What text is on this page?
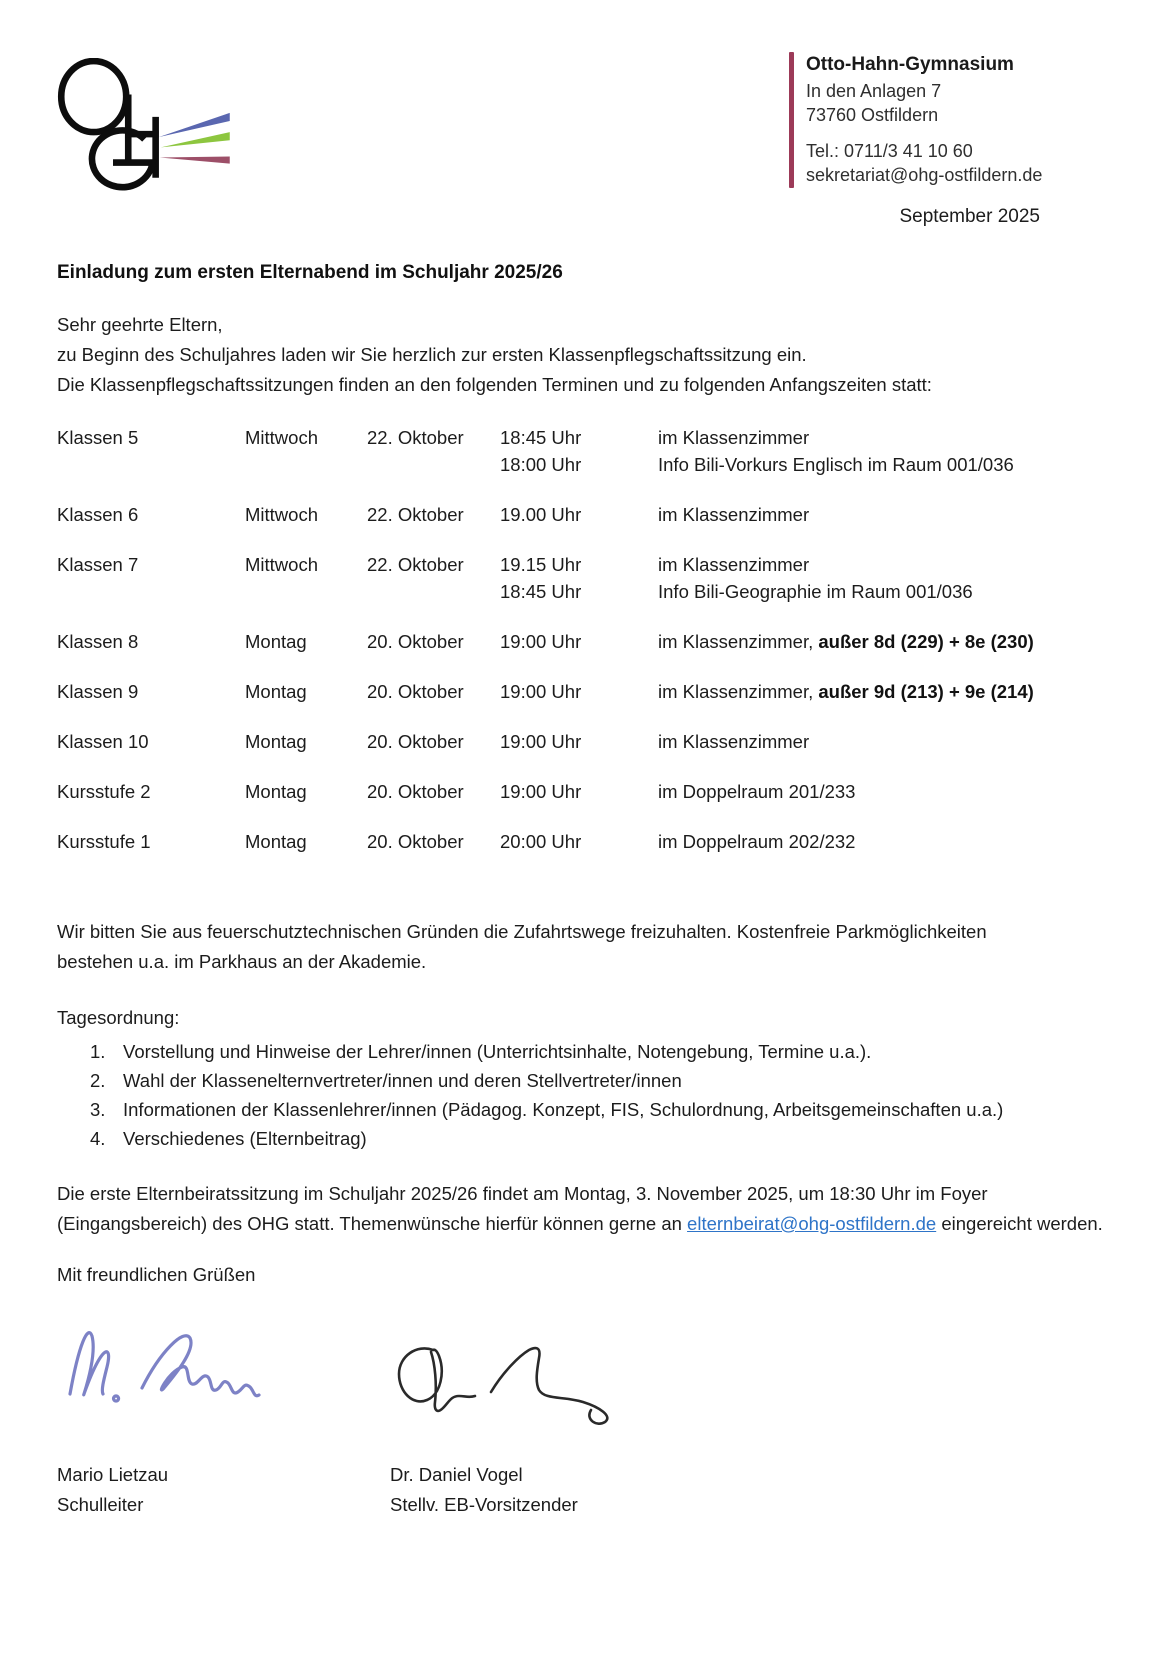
Otto-Hahn-Gymnasium
In den Anlagen 7
73760 Ostfildern
Tel.: 0711/3 41 10 60
sekretariat@ohg-ostfildern.de
September 2025
Einladung zum ersten Elternabend im Schuljahr 2025/26
Sehr geehrte Eltern,
zu Beginn des Schuljahres laden wir Sie herzlich zur ersten Klassenpflegschaftssitzung ein.
Die Klassenpflegschaftssitzungen finden an den folgenden Terminen und zu folgenden Anfangszeiten statt:
Klassen 5	Mittwoch	22. Oktober	18:45 Uhr	im Klassenzimmer
18:00 Uhr	Info Bili-Vorkurs Englisch im Raum 001/036
Klassen 6	Mittwoch	22. Oktober	19.00 Uhr	im Klassenzimmer
Klassen 7	Mittwoch	22. Oktober	19.15 Uhr	im Klassenzimmer
18:45 Uhr	Info Bili-Geographie im Raum 001/036
Klassen 8	Montag	20. Oktober	19:00 Uhr	im Klassenzimmer, außer 8d (229) + 8e (230)
Klassen 9	Montag	20. Oktober	19:00 Uhr	im Klassenzimmer, außer 9d (213) + 9e (214)
Klassen 10	Montag	20. Oktober	19:00 Uhr	im Klassenzimmer
Kursstufe 2	Montag	20. Oktober	19:00 Uhr	im Doppelraum 201/233
Kursstufe 1	Montag	20. Oktober	20:00 Uhr	im Doppelraum 202/232
Wir bitten Sie aus feuerschutztechnischen Gründen die Zufahrtswege freizuhalten. Kostenfreie Parkmöglichkeiten
bestehen u.a. im Parkhaus an der Akademie.
Tagesordnung:
1. Vorstellung und Hinweise der Lehrer/innen (Unterrichtsinhalte, Notengebung, Termine u.a.).
2. Wahl der Klassenelternvertreter/innen und deren Stellvertreter/innen
3. Informationen der Klassenlehrer/innen (Pädagog. Konzept, FIS, Schulordnung, Arbeitsgemeinschaften u.a.)
4. Verschiedenes (Elternbeitrag)
Die erste Elternbeiratssitzung im Schuljahr 2025/26 findet am Montag, 3. November 2025, um 18:30 Uhr im Foyer (Eingangsbereich) des OHG statt. Themenwünsche hierfür können gerne an elternbeirat@ohg-ostfildern.de eingereicht werden.
Mit freundlichen Grüßen
Mario Lietzau
Schulleiter
Dr. Daniel Vogel
Stellv. EB-Vorsitzender
